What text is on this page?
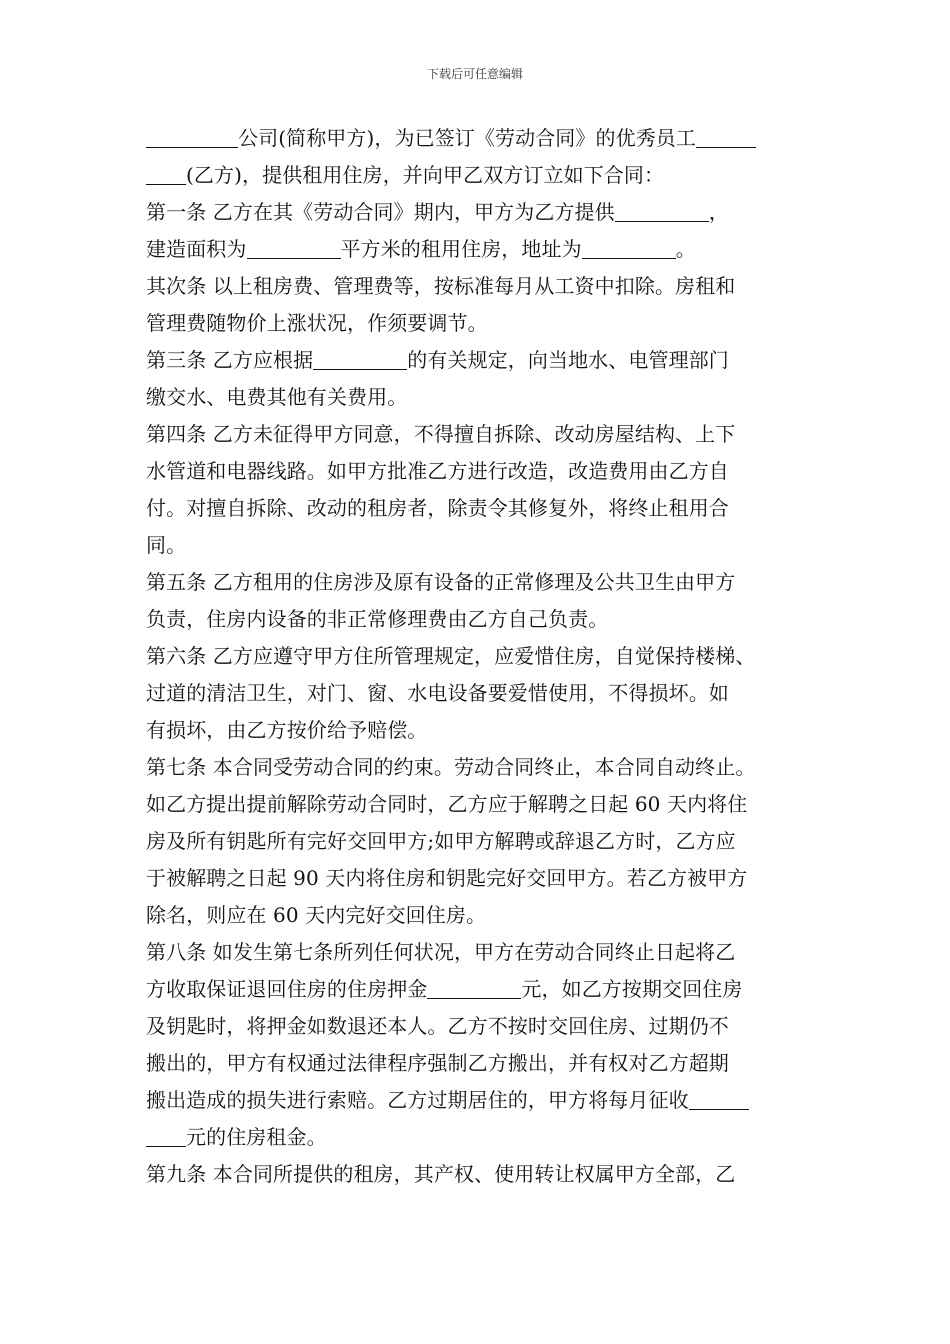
下载后可任意编辑
公司(简称甲方)，为已签订《劳动合同》的优秀员工
(乙方)，提供租用住房，并向甲乙双方订立如下合同：
第一条 乙方在其《劳动合同》期内，甲方为乙方提供	，
建造面积为	平方米的租用住房，地址为	。
其次条 以上租房费、管理费等，按标准每月从工资中扣除。房租和
管理费随物价上涨状况，作须要调节。
第三条 乙方应根据	的有关规定，向当地水、电管理部门
缴交水、电费其他有关费用。
第四条 乙方未征得甲方同意，不得擅自拆除、改动房屋结构、上下
水管道和电器线路。如甲方批准乙方进行改造，改造费用由乙方自
付。对擅自拆除、改动的租房者，除责令其修复外，将终止租用合
同。
第五条 乙方租用的住房涉及原有设备的正常修理及公共卫生由甲方
负责，住房内设备的非正常修理费由乙方自己负责。
第六条 乙方应遵守甲方住所管理规定，应爱惜住房，自觉保持楼梯、
过道的清洁卫生，对门、窗、水电设备要爱惜使用，不得损坏。如
有损坏，由乙方按价给予赔偿。
第七条 本合同受劳动合同的约束。劳动合同终止，本合同自动终止。
如乙方提出提前解除劳动合同时，乙方应于解聘之日起 60 天内将住
房及所有钥匙所有完好交回甲方;如甲方解聘或辞退乙方时，乙方应
于被解聘之日起 90 天内将住房和钥匙完好交回甲方。若乙方被甲方
除名，则应在 60 天内完好交回住房。
第八条 如发生第七条所列任何状况，甲方在劳动合同终止日起将乙
方收取保证退回住房的住房押金	元，如乙方按期交回住房
及钥匙时，将押金如数退还本人。乙方不按时交回住房、过期仍不
搬出的，甲方有权通过法律程序强制乙方搬出，并有权对乙方超期
搬出造成的损失进行索赔。乙方过期居住的，甲方将每月征收
元的住房租金。
第九条 本合同所提供的租房，其产权、使用转让权属甲方全部，乙
